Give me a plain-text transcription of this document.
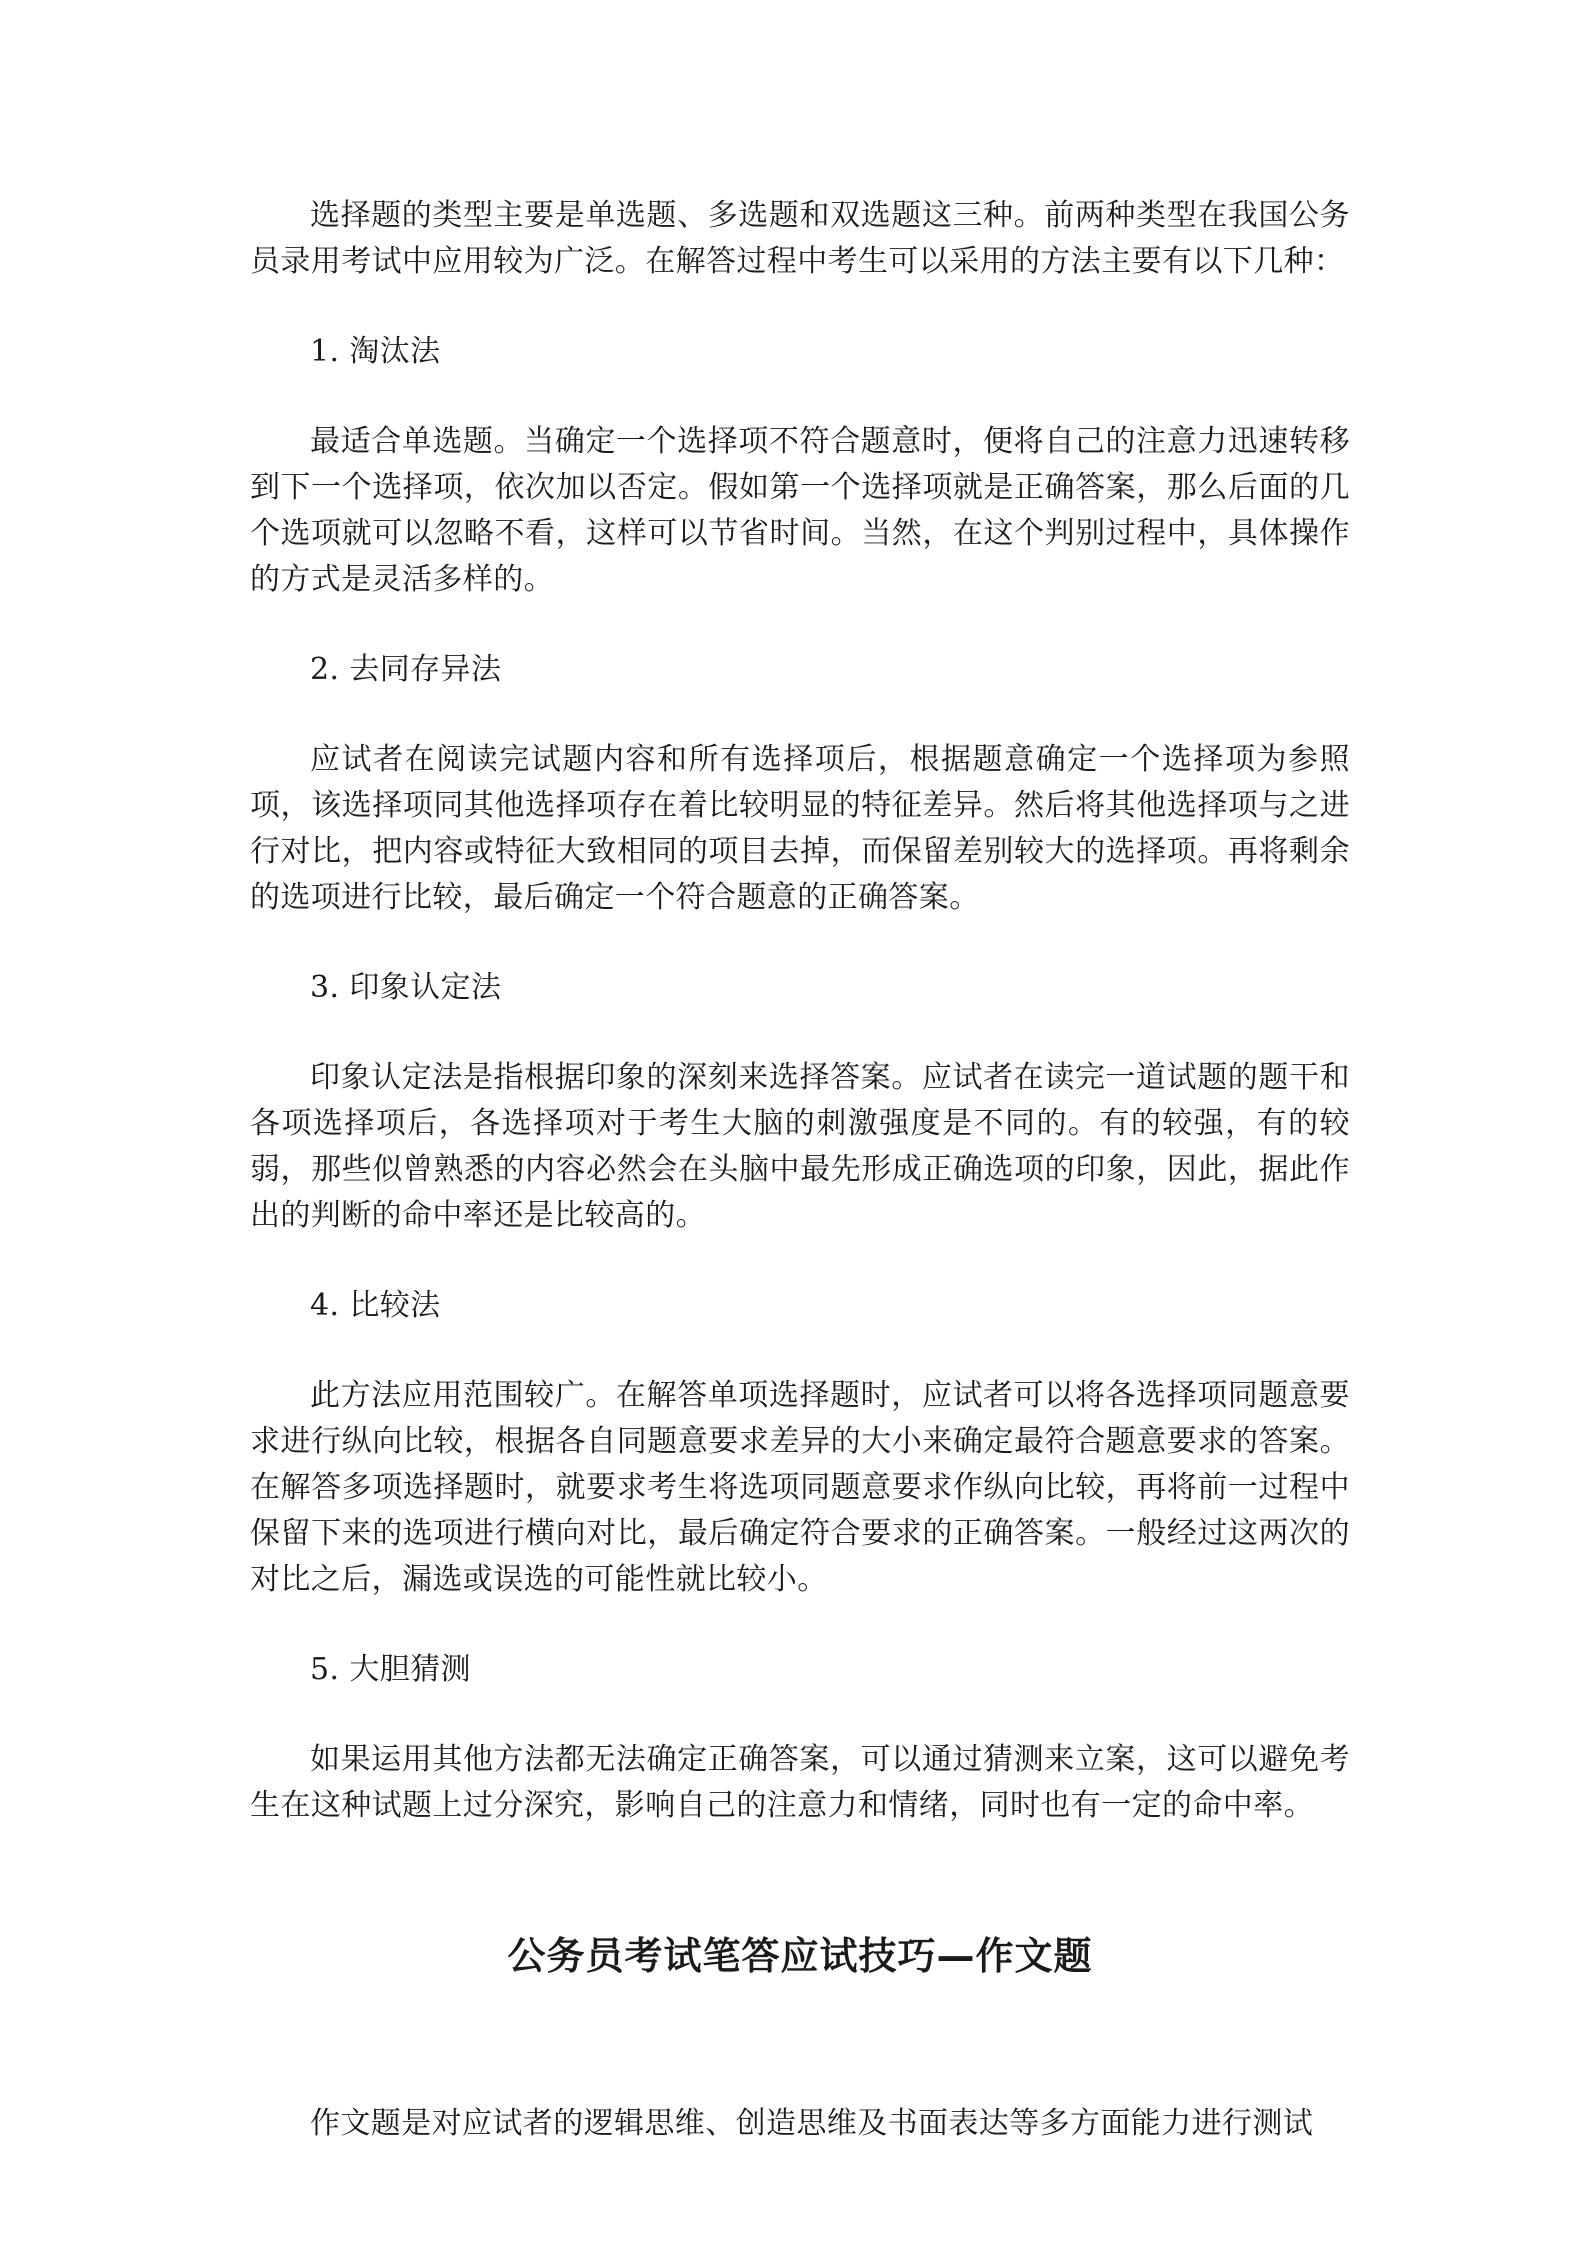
选择题的类型主要是单选题、多选题和双选题这三种。前两种类型在我国公务员录用考试中应用较为广泛。在解答过程中考生可以采用的方法主要有以下几种：

1. 淘汰法

最适合单选题。当确定一个选择项不符合题意时，便将自己的注意力迅速转移到下一个选择项，依次加以否定。假如第一个选择项就是正确答案，那么后面的几个选项就可以忽略不看，这样可以节省时间。当然，在这个判别过程中，具体操作的方式是灵活多样的。

2. 去同存异法

应试者在阅读完试题内容和所有选择项后，根据题意确定一个选择项为参照项，该选择项同其他选择项存在着比较明显的特征差异。然后将其他选择项与之进行对比，把内容或特征大致相同的项目去掉，而保留差别较大的选择项。再将剩余的选项进行比较，最后确定一个符合题意的正确答案。

3. 印象认定法

印象认定法是指根据印象的深刻来选择答案。应试者在读完一道试题的题干和各项选择项后，各选择项对于考生大脑的刺激强度是不同的。有的较强，有的较弱，那些似曾熟悉的内容必然会在头脑中最先形成正确选项的印象，因此，据此作出的判断的命中率还是比较高的。

4. 比较法

此方法应用范围较广。在解答单项选择题时，应试者可以将各选择项同题意要求进行纵向比较，根据各自同题意要求差异的大小来确定最符合题意要求的答案。在解答多项选择题时，就要求考生将选项同题意要求作纵向比较，再将前一过程中保留下来的选项进行横向对比，最后确定符合要求的正确答案。一般经过这两次的对比之后，漏选或误选的可能性就比较小。

5. 大胆猜测

如果运用其他方法都无法确定正确答案，可以通过猜测来立案，这可以避免考生在这种试题上过分深究，影响自己的注意力和情绪，同时也有一定的命中率。

公务员考试笔答应试技巧—作文题

作文题是对应试者的逻辑思维、创造思维及书面表达等多方面能力进行测试
